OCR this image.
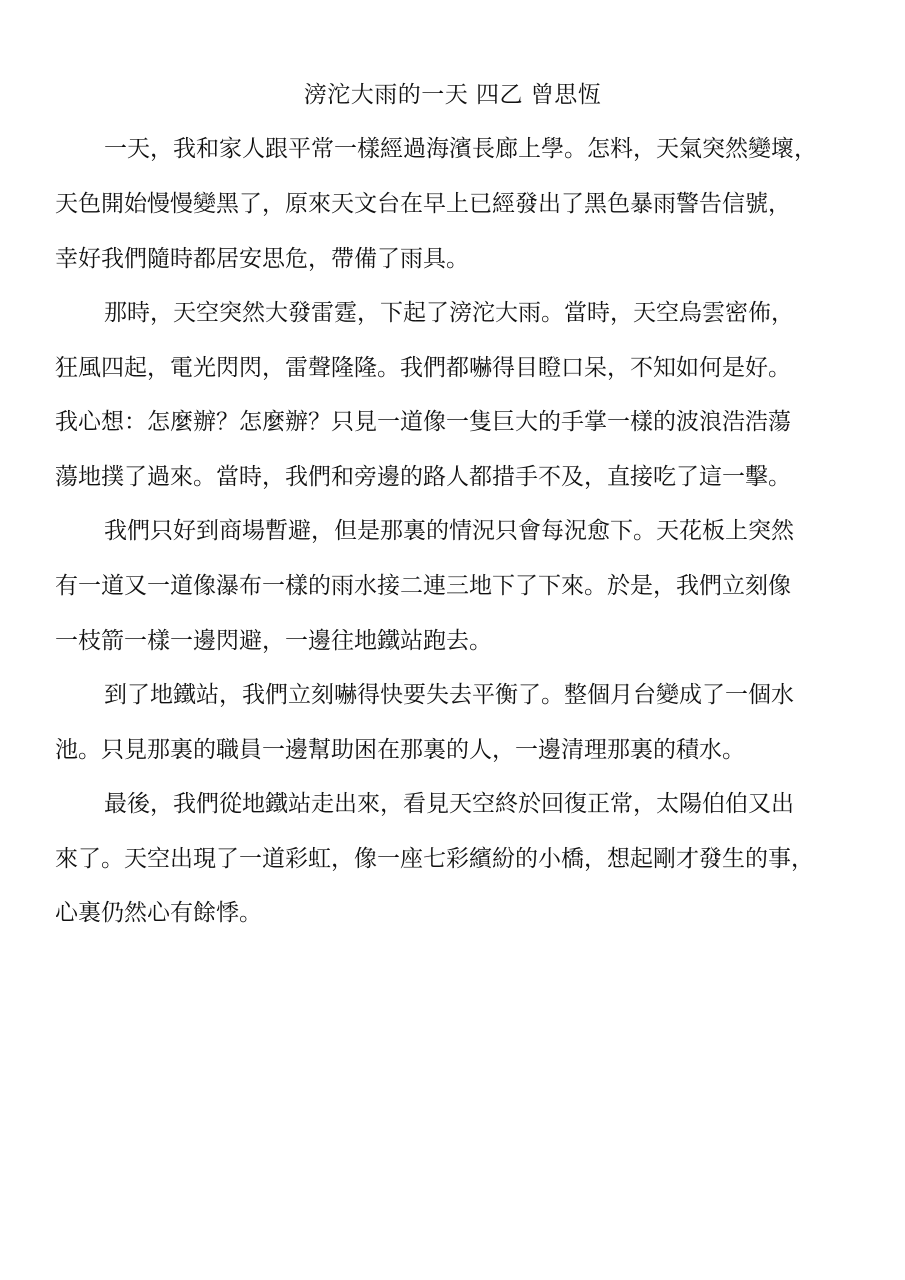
滂沱大雨的一天 四乙 曾思恆
一天，我和家人跟平常一樣經過海濱長廊上學。怎料，天氣突然變壞，
天色開始慢慢變黑了，原來天文台在早上已經發出了黑色暴雨警告信號，
幸好我們隨時都居安思危，帶備了雨具。
那時，天空突然大發雷霆，下起了滂沱大雨。當時，天空烏雲密佈，
狂風四起，電光閃閃，雷聲隆隆。我們都嚇得目瞪口呆，不知如何是好。
我心想：怎麼辦？怎麼辦？只見一道像一隻巨大的手掌一樣的波浪浩浩蕩
蕩地撲了過來。當時，我們和旁邊的路人都措手不及，直接吃了這一擊。
我們只好到商場暫避，但是那裏的情況只會每況愈下。天花板上突然
有一道又一道像瀑布一樣的雨水接二連三地下了下來。於是，我們立刻像
一枝箭一樣一邊閃避，一邊往地鐵站跑去。
到了地鐵站，我們立刻嚇得快要失去平衡了。整個月台變成了一個水
池。只見那裏的職員一邊幫助困在那裏的人，一邊清理那裏的積水。
最後，我們從地鐵站走出來，看見天空終於回復正常，太陽伯伯又出
來了。天空出現了一道彩虹，像一座七彩繽紛的小橋，想起剛才發生的事，
心裏仍然心有餘悸。
